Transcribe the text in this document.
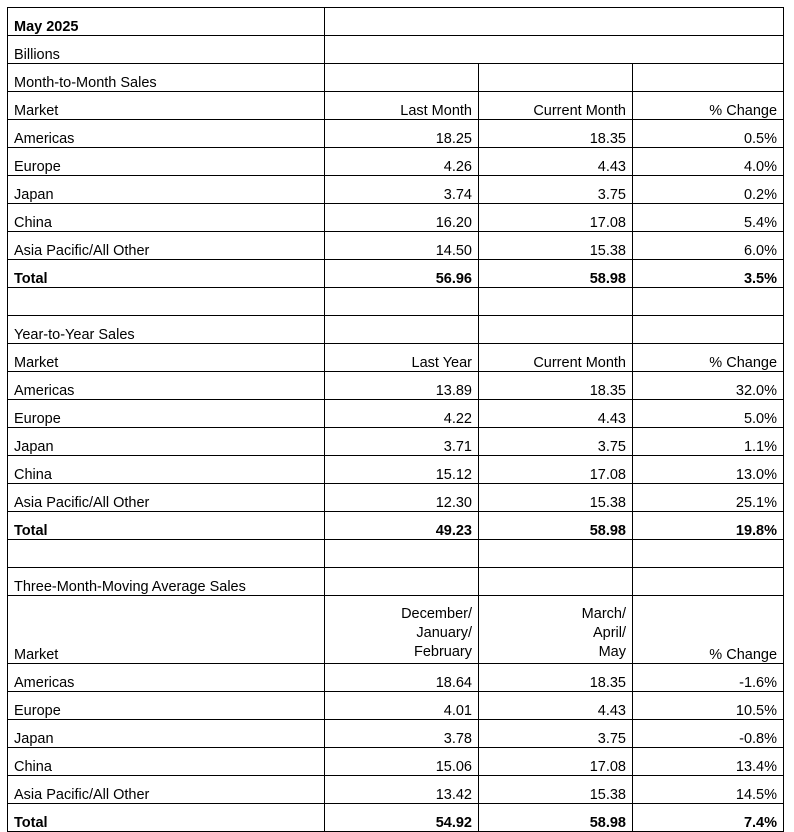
May 2025			
Billions			
Month-to-Month Sales			
Market	Last Month	Current Month	% Change
Americas	18.25	18.35	0.5%
Europe	4.26	4.43	4.0%
Japan	3.74	3.75	0.2%
China	16.20	17.08	5.4%
Asia Pacific/All Other	14.50	15.38	6.0%
Total	56.96	58.98	3.5%

Year-to-Year Sales			
Market	Last Year	Current Month	% Change
Americas	13.89	18.35	32.0%
Europe	4.22	4.43	5.0%
Japan	3.71	3.75	1.1%
China	15.12	17.08	13.0%
Asia Pacific/All Other	12.30	15.38	25.1%
Total	49.23	58.98	19.8%

Three-Month-Moving Average Sales			
Market	December/
January/
February	March/
April/
May	% Change
Americas	18.64	18.35	-1.6%
Europe	4.01	4.43	10.5%
Japan	3.78	3.75	-0.8%
China	15.06	17.08	13.4%
Asia Pacific/All Other	13.42	15.38	14.5%
Total	54.92	58.98	7.4%
